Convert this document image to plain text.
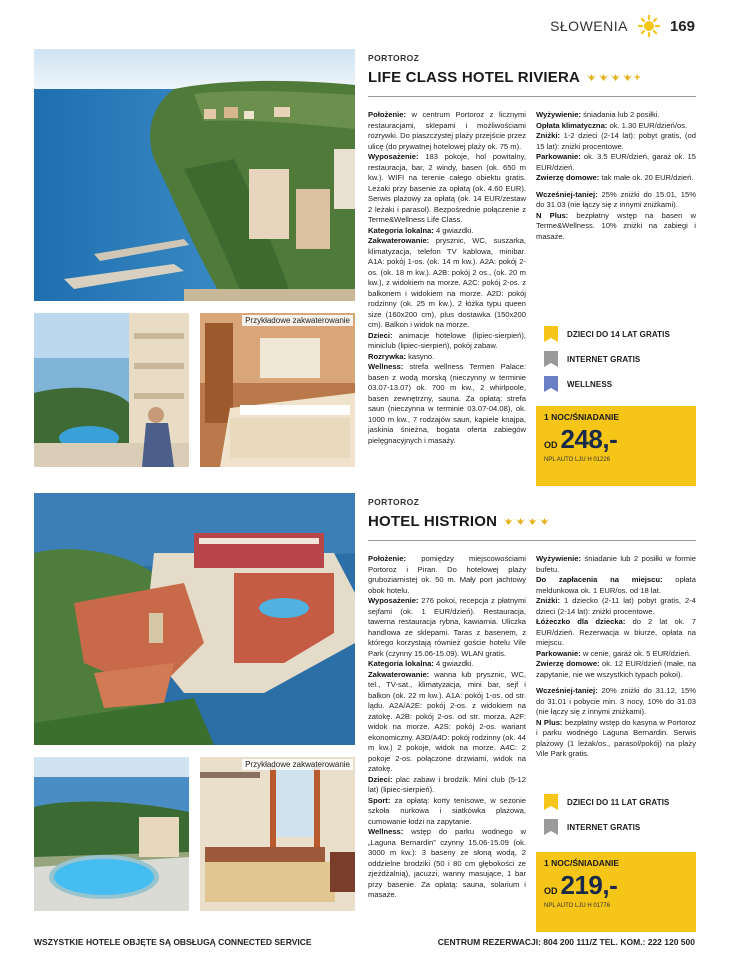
SŁOWENIA	169
Przykładowe zakwaterowanie
PORTOROZ
LIFE CLASS HOTEL RIVIERA	+

Położenie: w centrum Portoroz z licznymi restauracjami, sklepami i możliwościami rozrywki. Do piaszczystej plaży przejście przez ulicę (do prywatnej hotelowej plaży ok. 75 m).

Wyposażenie: 183 pokoje, hol powitalny, restauracja, bar, 2 windy, basen (ok. 650 m kw.). WIFI na terenie całego obiektu gratis. Leżaki przy basenie za opłatą (ok. 4.60 EUR). Serwis plażowy za opłatą (ok. 14 EUR/zestaw 2 leżaki i parasol). Bezpośrednie połączenie z Terme&Wellness Life Class.

Kategoria lokalna: 4 gwiazdki.

Zakwaterowanie: prysznic, WC, suszarka, klimatyzacja, telefon TV kablowa, minibar. A1A: pokój 1-os. (ok. 14 m kw.). A2A: pokój 2-os. (ok. 18 m kw.). A2B: pokój 2 os., (ok. 20 m kw.), z widokiem na morze. A2C: pokój 2-os. z balkonem i widokiem na morze. A2D: pokój rodzinny (ok. 25 m kw.), 2 łóżka typu queen size (160x200 cm), plus dostawka (150x200 cm). Balkon i widok na morze.

Dzieci: animacje hotelowe (lipiec-sierpień), miniclub (lipiec-sierpień), pokój zabaw.

Rozrywka: kasyno.

Wellness: strefa wellness Termen Palace: basen z wodą morską (nieczynny w terminie 03.07-13.07) ok. 700 m kw., 2 whirlpoole, basen zewnętrzny, sauna. Za opłatą: strefa saun (nieczynna w terminie 03.07-04.08), ok. 1000 m kw., 7 rodzajów saun, kąpiele knajpa, jaskinia śnieżna, bogata oferta zabiegów pielęgnacyjnych i masaży.

Wyżywienie: śniadania lub 2 posiłki.

Opłata klimatyczna: ok. 1.30 EUR/dzień/os.

Zniżki: 1-2 dzieci (2-14 lat): pobyt gratis, (od 15 lat): zniżki procentowe.

Parkowanie: ok. 3.5 EUR/dzień, garaż ok. 15 EUR/dzień.

Zwierzę domowe: tak małe ok. 20 EUR/dzień.

Wcześniej-taniej: 25% zniżki do 15.01, 15% do 31.03 (nie łączy się z innymi zniżkami).

N Plus: bezpłatny wstęp na basen w Terme&Wellness. 10% zniżki na zabiegi i masaże.

DZIECI DO 14 LAT GRATIS
INTERNET GRATIS
WELLNESS
1 NOC/ŚNIADANIE
OD 248,-
NPL AUTO LJU H 01226
Przykładowe zakwaterowanie
PORTOROZ
HOTEL HISTRION

Położenie: pomiędzy miejscowościami Portoroz i Piran. Do hotelowej plaży gruboziarnistej ok. 50 m. Mały port jachtowy obok hotelu.

Wyposażenie: 276 pokoi, recepcja z płatnymi sejfami (ok. 1 EUR/dzień). Restauracja, tawerna restauracja rybna, kawiarnia. Uliczka handlowa ze sklepami. Taras z basenem, z którego korzystają również goście hotelu Vile Park (czynny 15.06-15.09). WLAN gratis.

Kategoria lokalna: 4 gwiazdki.

Zakwaterowanie: wanna lub prysznic, WC, tel., TV-sat., klimatyzacja, mini bar, sejf i balkon (ok. 22 m kw.). A1A: pokój 1-os. od str. lądu. A2A/A2E: pokój 2-os. z widokiem na zatokę. A2B: pokój 2-os. od str. morza. A2F: widok na morze. A2S: pokój 2-os. wariant ekonomiczny. A3D/A4D: pokój rodzinny (ok. 44 m kw.) 2 pokoje, widok na morze. A4C: 2 pokoje 2-os. połączone drzwiami, widok na zatokę.

Dzieci: plac zabaw i brodzik. Mini club (5-12 lat) (lipiec-sierpień).

Sport: za opłatą: korty tenisowe, w sezonie szkoła nurkowa i siatkówka plażowa, cumowanie łodzi na zapytanie.

Wellness: wstęp do parku wodnego w „Laguna Bernardin” czynny 15.06-15.09 (ok. 3000 m kw.): 3 baseny ze słoną wodą, 2 oddzielne brodziki (50 i 80 cm głębokości ze zjeżdżalnią), jacuzzi, wanny masujące, 1 bar przy basenie. Za opłatą: sauna, solarium i masaże.

Wyżywienie: śniadanie lub 2 posiłki w formie bufetu.

Do zapłacenia na miejscu: opłata meldunkowa ok. 1 EUR/os. od 18 lat.

Zniżki: 1 dziecko (2-11 lat) pobyt gratis, 2-4 dzieci (2-14 lat): zniżki procentowe.

Łóżeczko dla dziecka: do 2 lat ok. 7 EUR/dzień. Rezerwacja w biurze, opłata na miejscu.

Parkowanie: w cenie, garaż ok. 5 EUR/dzień.

Zwierzę domowe: ok. 12 EUR/dzień (małe, na zapytanie, nie we wszystkich typach pokoi).

Wcześniej-taniej: 20% zniżki do 31.12, 15% do 31.01 i pobycie min. 3 nocy, 10% do 31.03 (nie łączy się z innymi zniżkami).

N Plus: bezpłatny wstęp do kasyna w Portoroz i parku wodnego Laguna Bernardin. Serwis plażowy (1 leżak/os., parasol/pokój) na plaży Vile Park gratis.

DZIECI DO 11 LAT GRATIS
INTERNET GRATIS
1 NOC/ŚNIADANIE
OD 219,-
NPL AUTO LJU H 01776
WSZYSTKIE HOTELE OBJĘTE SĄ OBSŁUGĄ CONNECTED SERVICE	CENTRUM REZERWACJI: 804 200 111/Z TEL. KOM.: 222 120 500
